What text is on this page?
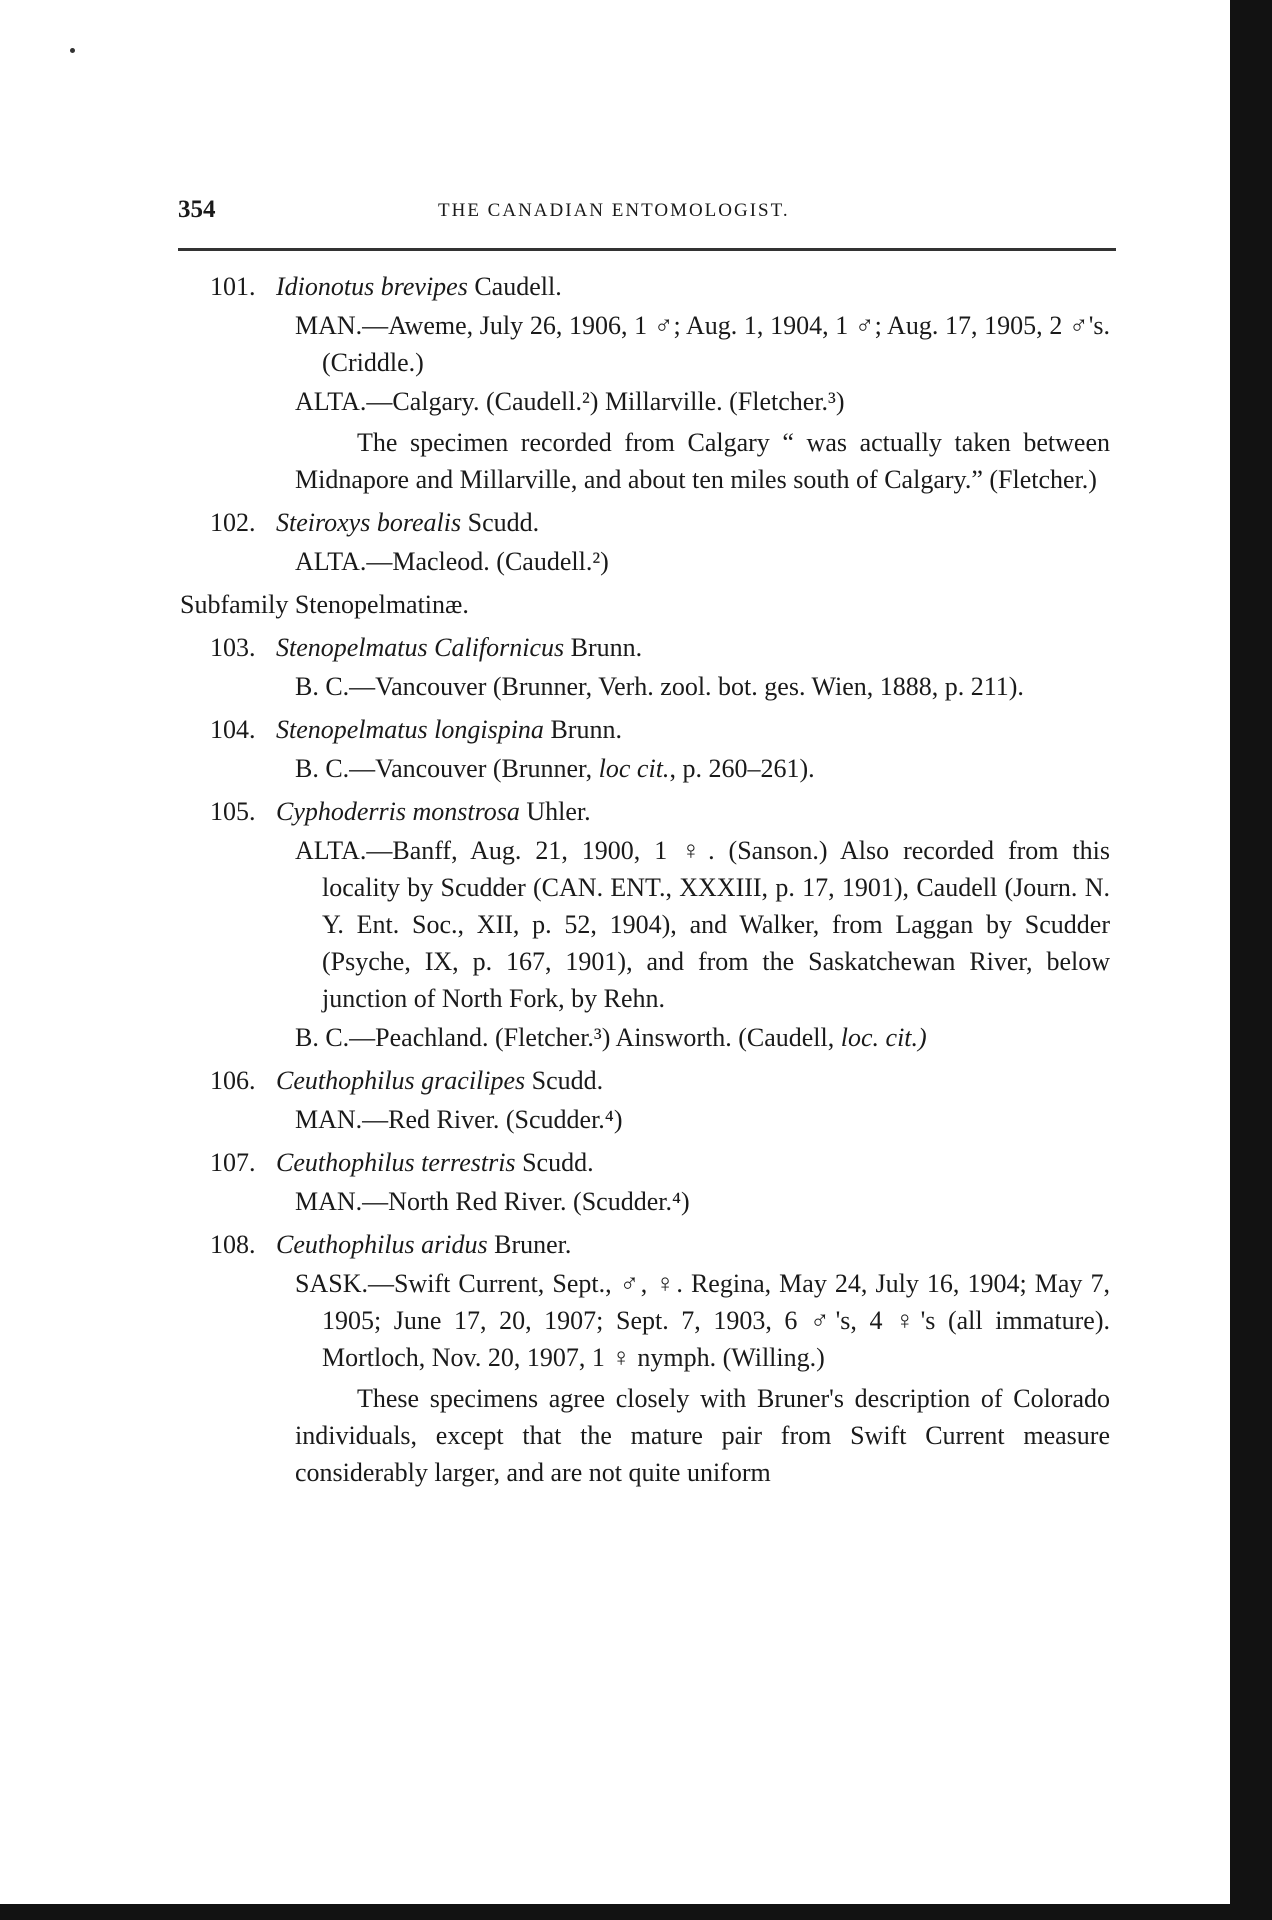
354	THE CANADIAN ENTOMOLOGIST.
101. Idionotus brevipes Caudell.
MAN.—Aweme, July 26, 1906, 1 ♂; Aug. 1, 1904, 1 ♂; Aug. 17, 1905, 2 ♂'s. (Criddle.)
ALTA.—Calgary. (Caudell.²) Millarville. (Fletcher.³)
The specimen recorded from Calgary “ was actually taken between Midnapore and Millarville, and about ten miles south of Calgary.” (Fletcher.)
102. Steiroxys borealis Scudd.
ALTA.—Macleod. (Caudell.²)
Subfamily Stenopelmatinæ.
103. Stenopelmatus Californicus Brunn.
B. C.—Vancouver (Brunner, Verh. zool. bot. ges. Wien, 1888, p. 211).
104. Stenopelmatus longispina Brunn.
B. C.—Vancouver (Brunner, loc cit., p. 260–261).
105. Cyphoderris monstrosa Uhler.
ALTA.—Banff, Aug. 21, 1900, 1 ♀. (Sanson.) Also recorded from this locality by Scudder (CAN. ENT., XXXIII, p. 17, 1901), Caudell (Journ. N. Y. Ent. Soc., XII, p. 52, 1904), and Walker, from Laggan by Scudder (Psyche, IX, p. 167, 1901), and from the Saskatchewan River, below junction of North Fork, by Rehn.
B. C.—Peachland. (Fletcher.³) Ainsworth. (Caudell, loc. cit.)
106. Ceuthophilus gracilipes Scudd.
MAN.—Red River. (Scudder.⁴)
107. Ceuthophilus terrestris Scudd.
MAN.—North Red River. (Scudder.⁴)
108. Ceuthophilus aridus Bruner.
SASK.—Swift Current, Sept., ♂, ♀. Regina, May 24, July 16, 1904; May 7, 1905; June 17, 20, 1907; Sept. 7, 1903, 6 ♂'s, 4 ♀'s (all immature). Mortloch, Nov. 20, 1907, 1 ♀ nymph. (Willing.)
These specimens agree closely with Bruner's description of Colorado individuals, except that the mature pair from Swift Current measure considerably larger, and are not quite uniform
